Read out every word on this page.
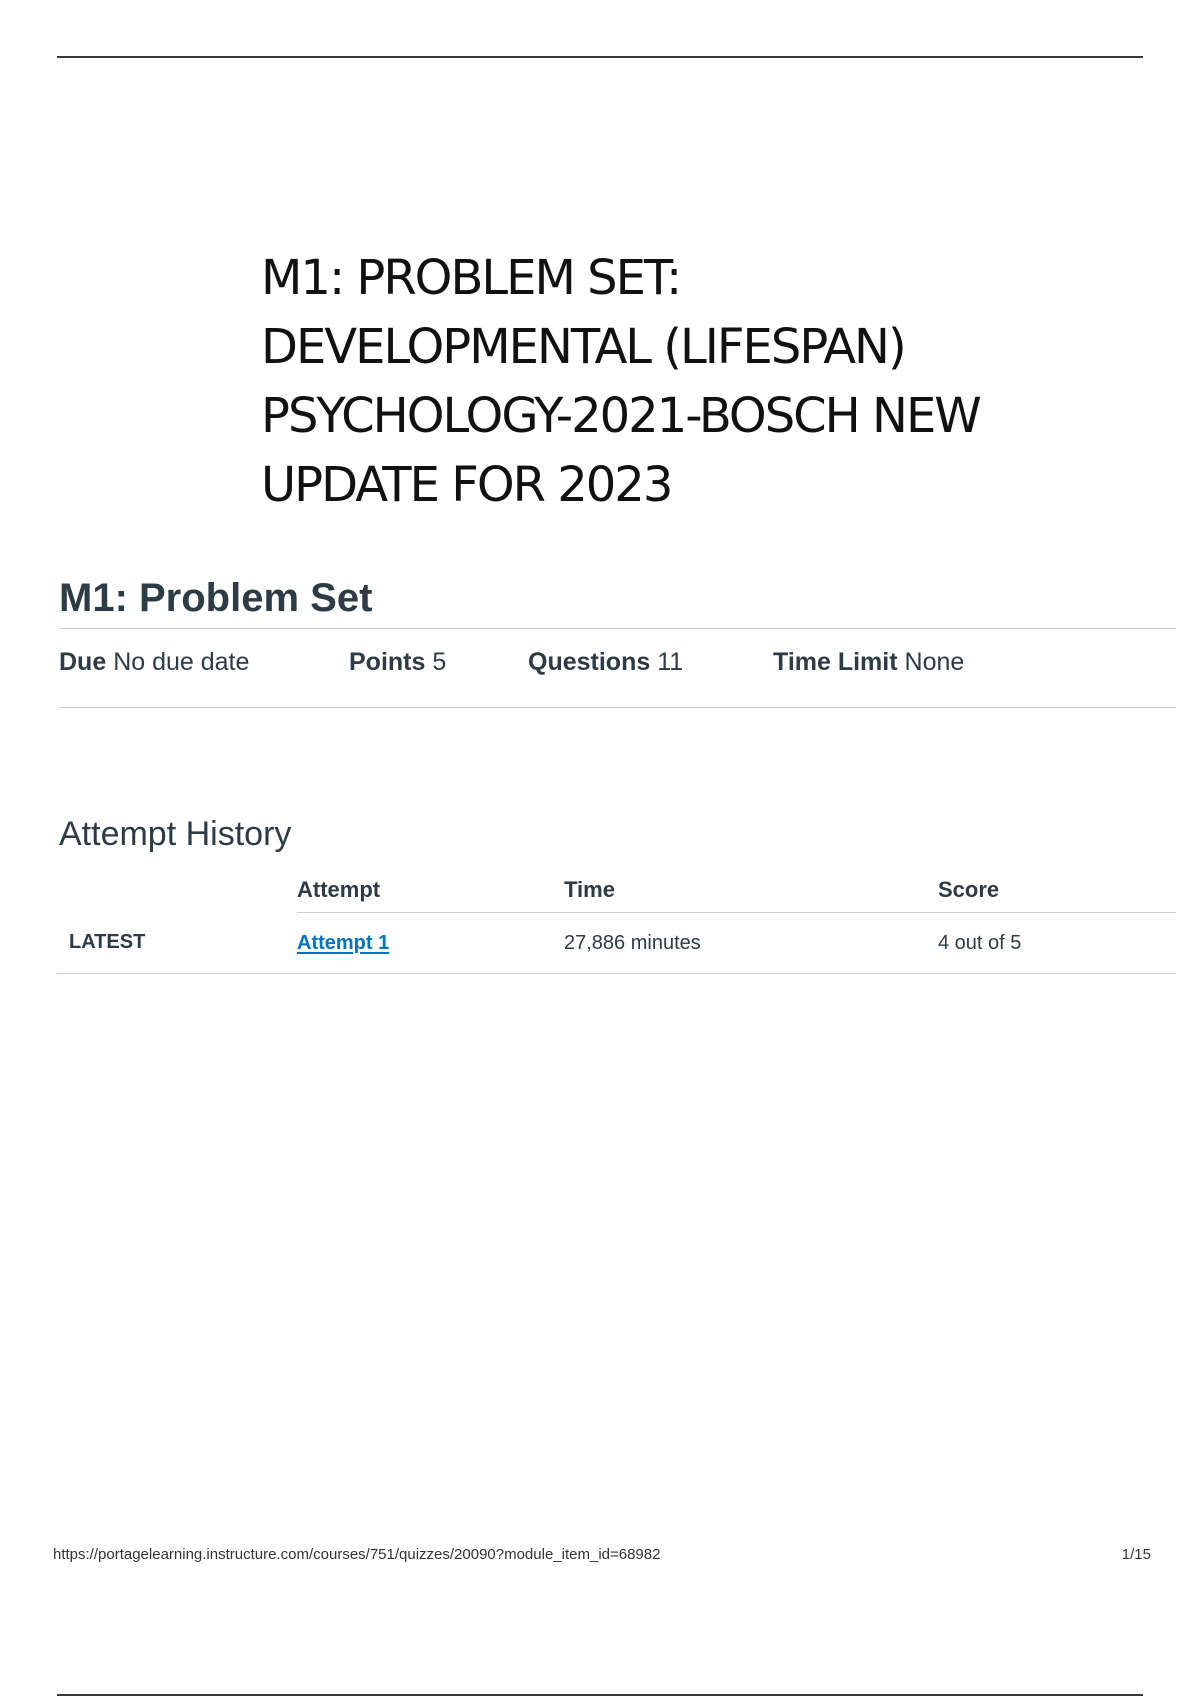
M1: PROBLEM SET:
DEVELOPMENTAL (LIFESPAN)
PSYCHOLOGY-2021-BOSCH NEW
UPDATE FOR 2023
M1: Problem Set
Due No due date	Points 5	Questions 11	Time Limit None
Attempt History
	Attempt	Time	Score
LATEST	Attempt 1	27,886 minutes	4 out of 5
https://portagelearning.instructure.com/courses/751/quizzes/20090?module_item_id=68982	1/15
